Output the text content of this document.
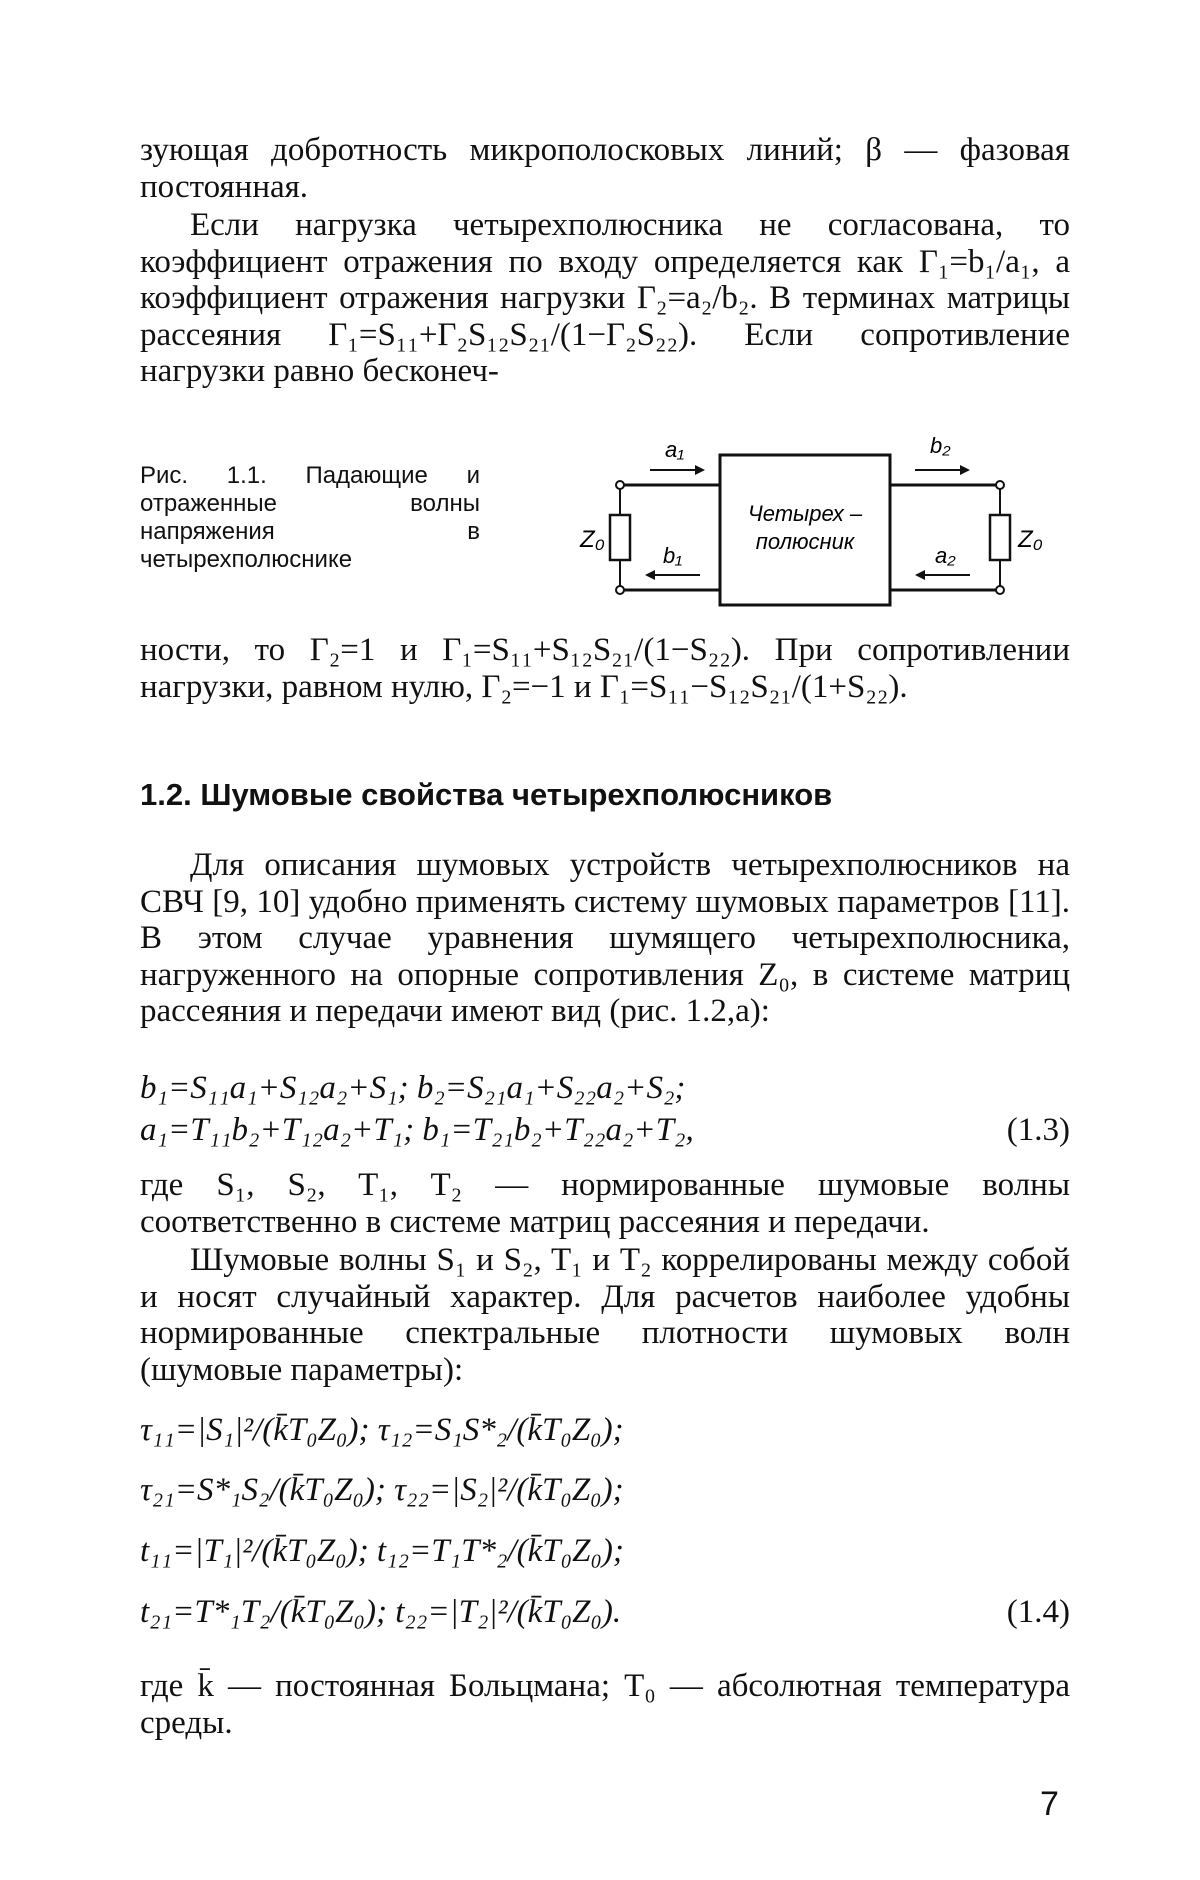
зующая добротность микрополосковых линий; β — фазовая постоянная.

Если нагрузка четырехполюсника не согласована, то коэффициент отражения по входу определяется как Γ₁=b₁/a₁, а коэффициент отражения нагрузки Γ₂=a₂/b₂. В терминах матрицы рассеяния Γ₁=S₁₁+Γ₂S₁₂S₂₁/(1−Γ₂S₂₂). Если сопротивление нагрузки равно бесконеч-

Рис. 1.1. Падающие и отраженные волны напряжения в четырехполюснике

Четырех –
полюсник
Z₀	Z₀
a₁
b₁
b₂
a₂

ности, то Γ₂=1 и Γ₁=S₁₁+S₁₂S₂₁/(1−S₂₂). При сопротивлении нагрузки, равном нулю, Γ₂=−1 и Γ₁=S₁₁−S₁₂S₂₁/(1+S₂₂).

1.2. Шумовые свойства четырехполюсников

Для описания шумовых устройств четырехполюсников на СВЧ [9, 10] удобно применять систему шумовых параметров [11]. В этом случае уравнения шумящего четырехполюсника, нагруженного на опорные сопротивления Z₀, в системе матриц рассеяния и передачи имеют вид (рис. 1.2,а):

b₁=S₁₁a₁+S₁₂a₂+S₁; b₂=S₂₁a₁+S₂₂a₂+S₂;
a₁=T₁₁b₂+T₁₂a₂+T₁; b₁=T₂₁b₂+T₂₂a₂+T₂,	(1.3)

где S₁, S₂, T₁, T₂ — нормированные шумовые волны соответственно в системе матриц рассеяния и передачи.

Шумовые волны S₁ и S₂, T₁ и T₂ коррелированы между собой и носят случайный характер. Для расчетов наиболее удобны нормированные спектральные плотности шумовых волн (шумовые параметры):

τ₁₁=|S₁|²/(k̄T₀Z₀); τ₁₂=S₁S*₂/(k̄T₀Z₀);
τ₂₁=S*₁S₂/(k̄T₀Z₀); τ₂₂=|S₂|²/(k̄T₀Z₀);
t₁₁=|T₁|²/(k̄T₀Z₀); t₁₂=T₁T*₂/(k̄T₀Z₀);
t₂₁=T*₁T₂/(k̄T₀Z₀); t₂₂=|T₂|²/(k̄T₀Z₀).	(1.4)

где k̄ — постоянная Больцмана; T₀ — абсолютная температура среды.

7
